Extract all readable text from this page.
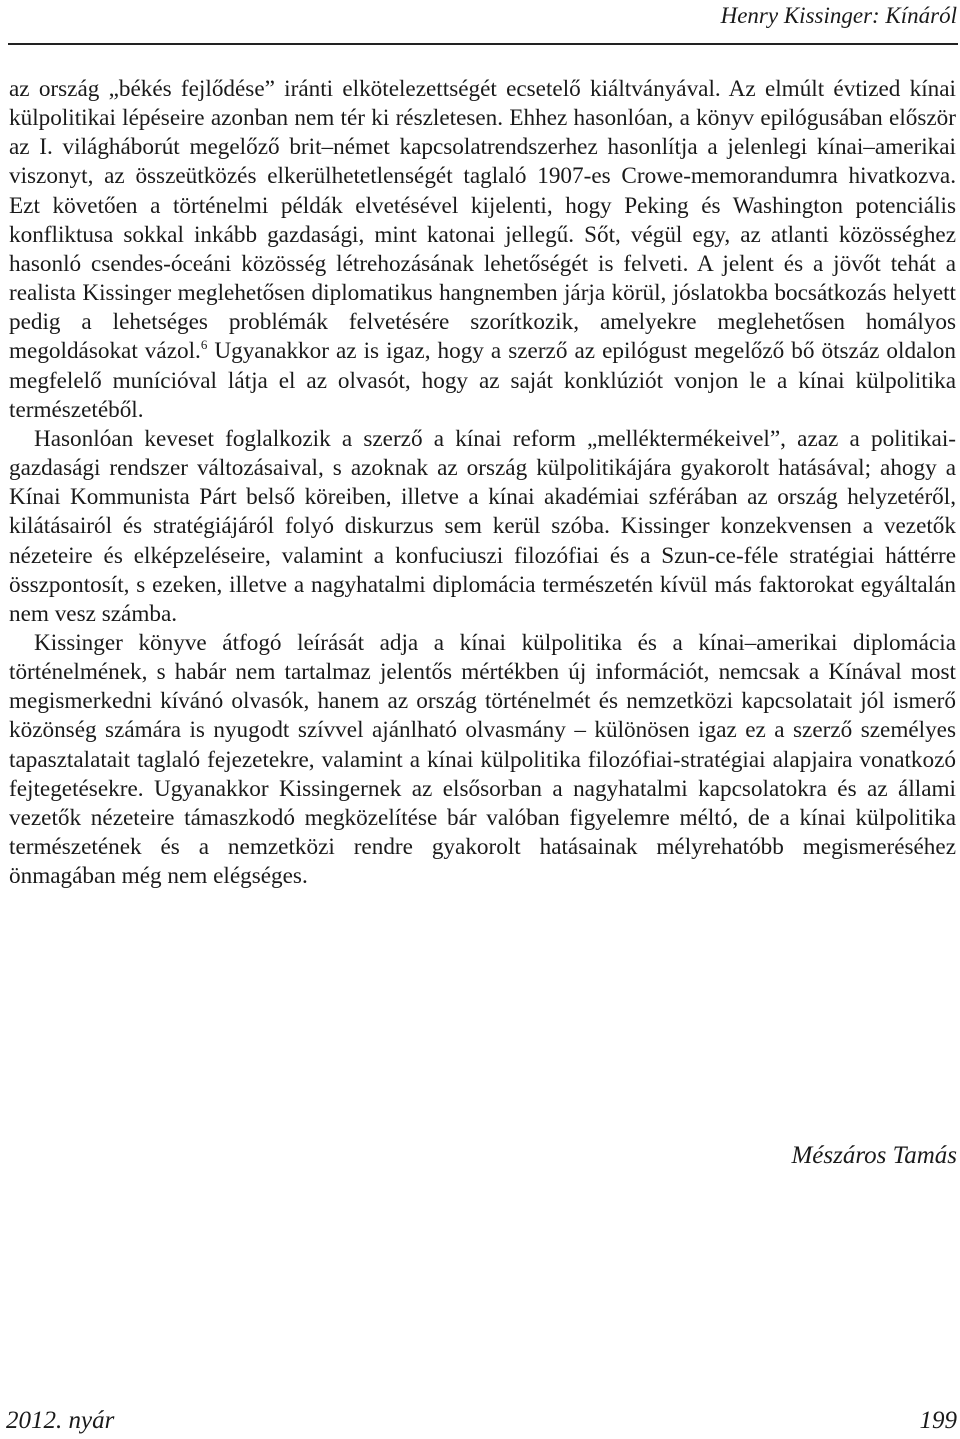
Henry Kissinger: Kínáról

az ország „békés fejlődése” iránti elkötelezettségét ecsetelő kiáltványával. Az elmúlt évtized kínai külpolitikai lépéseire azonban nem tér ki részletesen. Ehhez hasonlóan, a könyv epilógusában először az I. világháborút megelőző brit–német kapcsolatrendszerhez hasonlítja a jelenlegi kínai–amerikai viszonyt, az összeütközés elkerülhetetlenségét taglaló 1907-es Crowe-memorandumra hivatkozva. Ezt követően a történelmi példák elvetésével kijelenti, hogy Peking és Washington potenciális konfliktusa sokkal inkább gazdasági, mint katonai jellegű. Sőt, végül egy, az atlanti közösséghez hasonló csendes-óceáni közösség létrehozásának lehetőségét is felveti. A jelent és a jövőt tehát a realista Kissinger meglehetősen diplomatikus hangnemben járja körül, jóslatokba bocsátkozás helyett pedig a lehetséges problémák felvetésére szorítkozik, amelyekre meglehetősen homályos megoldásokat vázol.$^6$ Ugyanakkor az is igaz, hogy a szerző az epilógust megelőző bő ötszáz oldalon megfelelő munícióval látja el az olvasót, hogy az saját konklúziót vonjon le a kínai külpolitika természetéből.

Hasonlóan keveset foglalkozik a szerző a kínai reform „melléktermékeivel”, azaz a politikai-gazdasági rendszer változásaival, s azoknak az ország külpolitikájára gyakorolt hatásával; ahogy a Kínai Kommunista Párt belső köreiben, illetve a kínai akadémiai szférában az ország helyzetéről, kilátásairól és stratégiájáról folyó diskurzus sem kerül szóba. Kissinger konzekvensen a vezetők nézeteire és elképzeléseire, valamint a konfuciuszi filozófiai és a Szun-ce-féle stratégiai háttérre összpontosít, s ezeken, illetve a nagyhatalmi diplomácia természetén kívül más faktorokat egyáltalán nem vesz számba.

Kissinger könyve átfogó leírását adja a kínai külpolitika és a kínai–amerikai diplomácia történelmének, s habár nem tartalmaz jelentős mértékben új információt, nemcsak a Kínával most megismerkedni kívánó olvasók, hanem az ország történelmét és nemzetközi kapcsolatait jól ismerő közönség számára is nyugodt szívvel ajánlható olvasmány – különösen igaz ez a szerző személyes tapasztalatait taglaló fejezetekre, valamint a kínai külpolitika filozófiai-stratégiai alapjaira vonatkozó fejtegetésekre. Ugyanakkor Kissingernek az elsősorban a nagyhatalmi kapcsolatokra és az állami vezetők nézeteire támaszkodó megközelítése bár valóban figyelemre méltó, de a kínai külpolitika természetének és a nemzetközi rendre gyakorolt hatásainak mélyrehatóbb megismeréséhez önmagában még nem elégséges.

Mészáros Tamás
2012. nyár	199
